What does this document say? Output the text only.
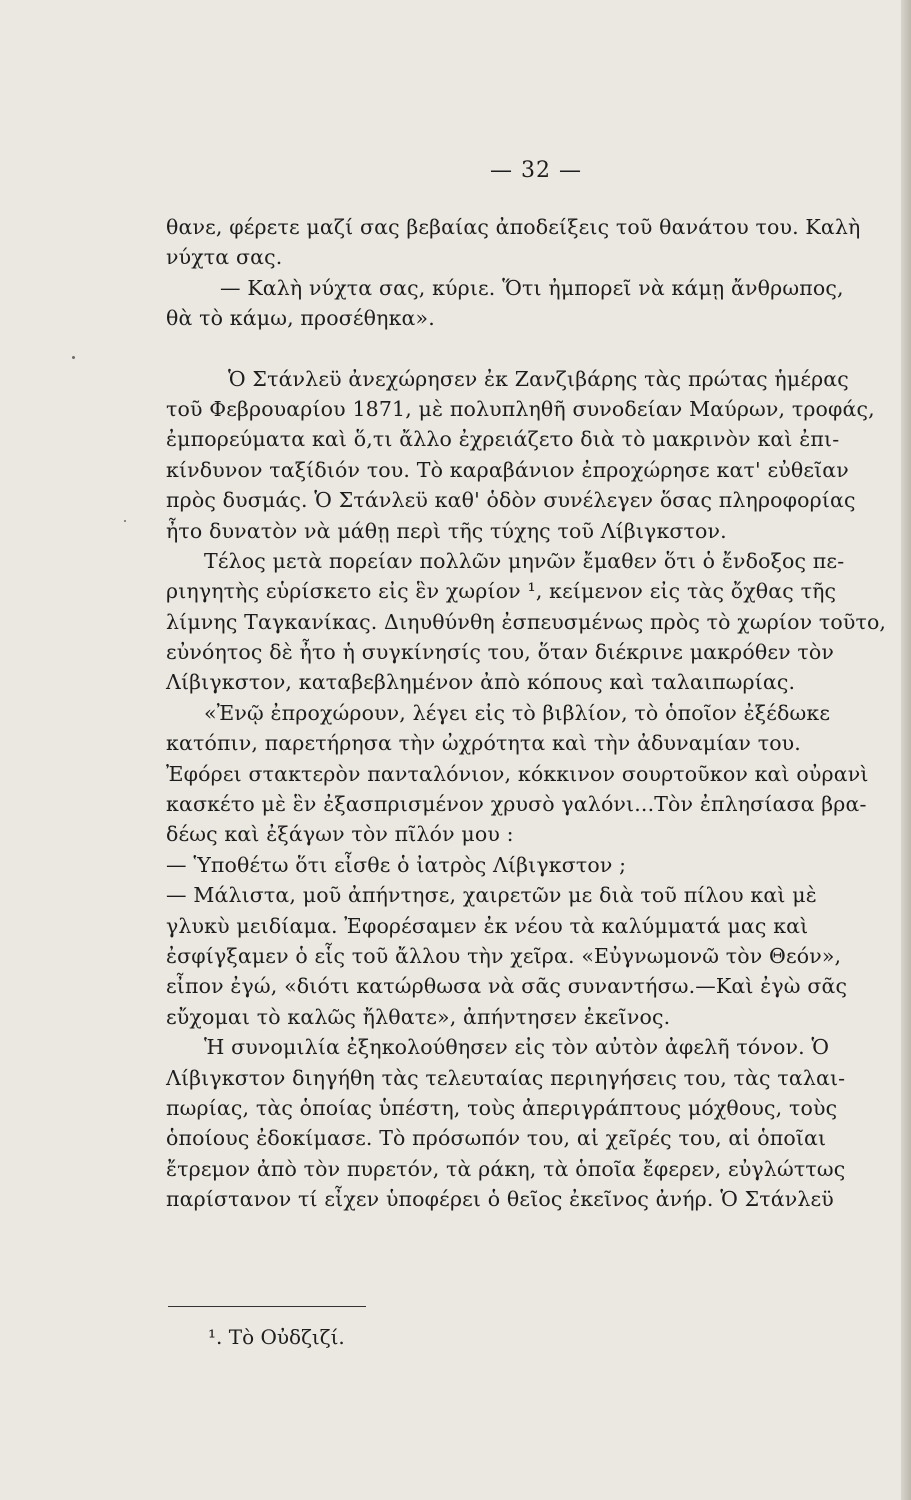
— 32 —
θανε, φέρετε μαζί σας βεβαίας ἀποδείξεις τοῦ θανάτου του. Καλὴ
νύχτα σας.
— Καλὴ νύχτα σας, κύριε. Ὅτι ἠμπορεῖ νὰ κάμῃ ἄνθρωπος,
θὰ τὸ κάμω, προσέθηκα».
Ὁ Στάνλεϋ ἀνεχώρησεν ἐκ Ζανζιβάρης τὰς πρώτας ἡμέρας
τοῦ Φεβρουαρίου 1871, μὲ πολυπληθῆ συνοδείαν Μαύρων, τροφάς,
ἐμπορεύματα καὶ ὅ,τι ἄλλο ἐχρειάζετο διὰ τὸ μακρινὸν καὶ ἐπι-
κίνδυνον ταξίδιόν του. Τὸ καραβάνιον ἐπροχώρησε κατ' εὐθεῖαν
πρὸς δυσμάς. Ὁ Στάνλεϋ καθ' ὁδὸν συνέλεγεν ὅσας πληροφορίας
ἦτο δυνατὸν νὰ μάθῃ περὶ τῆς τύχης τοῦ Λίβιγκστον.
Τέλος μετὰ πορείαν πολλῶν μηνῶν ἔμαθεν ὅτι ὁ ἔνδοξος πε-
ριηγητὴς εὑρίσκετο εἰς ἓν χωρίον ¹, κείμενον εἰς τὰς ὄχθας τῆς
λίμνης Ταγκανίκας. Διηυθύνθη ἐσπευσμένως πρὸς τὸ χωρίον τοῦτο,
εὐνόητος δὲ ἦτο ἡ συγκίνησίς του, ὅταν διέκρινε μακρόθεν τὸν
Λίβιγκστον, καταβεβλημένον ἀπὸ κόπους καὶ ταλαιπωρίας.
«Ἐνῷ ἐπροχώρουν, λέγει εἰς τὸ βιβλίον, τὸ ὁποῖον ἐξέδωκε
κατόπιν, παρετήρησα τὴν ὠχρότητα καὶ τὴν ἀδυναμίαν του.
Ἐφόρει στακτερὸν πανταλόνιον, κόκκινον σουρτοῦκον καὶ οὐρανὶ
κασκέτο μὲ ἓν ἐξασπρισμένον χρυσὸ γαλόνι...Τὸν ἐπλησίασα βρα-
δέως καὶ ἐξάγων τὸν πῖλόν μου :
— Ὑποθέτω ὅτι εἶσθε ὁ ἰατρὸς Λίβιγκστον ;
— Μάλιστα, μοῦ ἀπήντησε, χαιρετῶν με διὰ τοῦ πίλου καὶ μὲ
γλυκὺ μειδίαμα. Ἐφορέσαμεν ἐκ νέου τὰ καλύμματά μας καὶ
ἐσφίγξαμεν ὁ εἷς τοῦ ἄλλου τὴν χεῖρα. «Εὐγνωμονῶ τὸν Θεόν»,
εἶπον ἐγώ, «διότι κατώρθωσα νὰ σᾶς συναντήσω.—Καὶ ἐγὼ σᾶς
εὔχομαι τὸ καλῶς ἤλθατε», ἀπήντησεν ἐκεῖνος.
Ἡ συνομιλία ἐξηκολούθησεν εἰς τὸν αὐτὸν ἀφελῆ τόνον. Ὁ
Λίβιγκστον διηγήθη τὰς τελευταίας περιηγήσεις του, τὰς ταλαι-
πωρίας, τὰς ὁποίας ὑπέστη, τοὺς ἀπεριγράπτους μόχθους, τοὺς
ὁποίους ἐδοκίμασε. Τὸ πρόσωπόν του, αἱ χεῖρές του, αἱ ὁποῖαι
ἔτρεμον ἀπὸ τὸν πυρετόν, τὰ ράκη, τὰ ὁποῖα ἔφερεν, εὐγλώττως
παρίστανον τί εἶχεν ὑποφέρει ὁ θεῖος ἐκεῖνος ἀνήρ. Ὁ Στάνλεϋ
¹. Τὸ Οὐδζιζί.
